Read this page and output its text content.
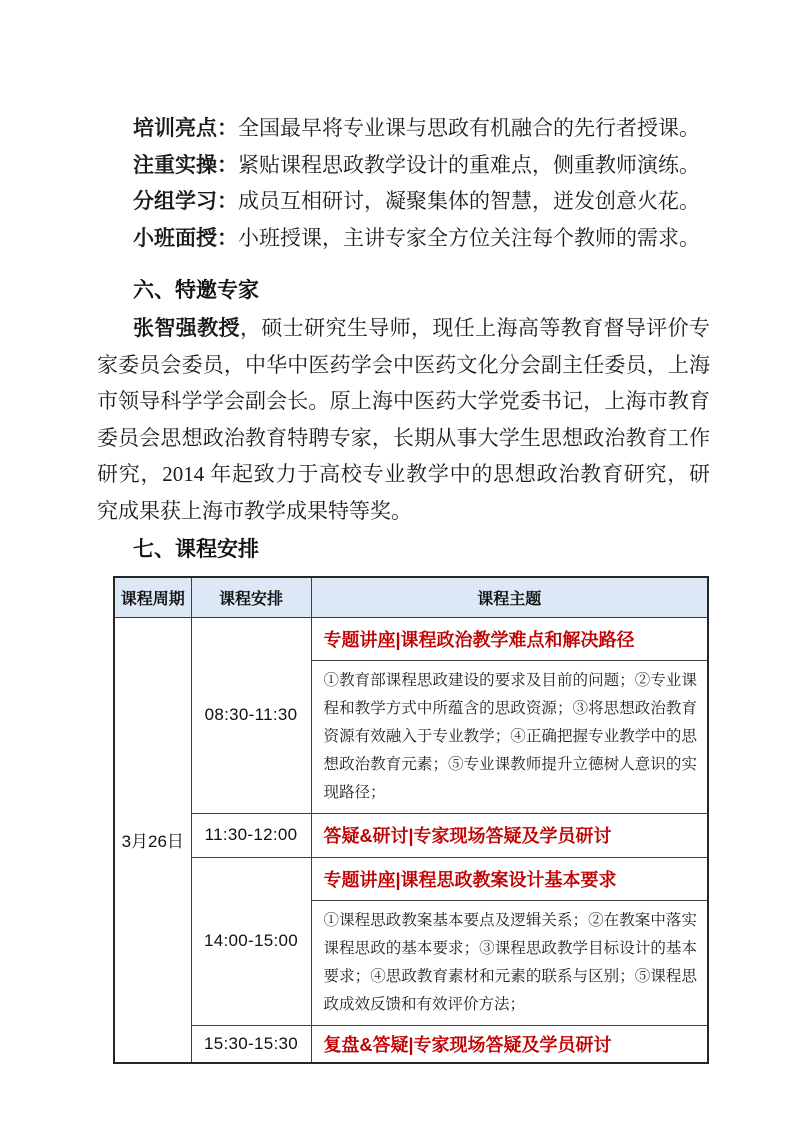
培训亮点：全国最早将专业课与思政有机融合的先行者授课。

注重实操：紧贴课程思政教学设计的重难点，侧重教师演练。

分组学习：成员互相研讨，凝聚集体的智慧，迸发创意火花。

小班面授：小班授课，主讲专家全方位关注每个教师的需求。

六、特邀专家

张智强教授，硕士研究生导师，现任上海高等教育督导评价专家委员会委员，中华中医药学会中医药文化分会副主任委员，上海市领导科学学会副会长。原上海中医药大学党委书记，上海市教育委员会思想政治教育特聘专家，长期从事大学生思想政治教育工作研究，2014 年起致力于高校专业教学中的思想政治教育研究，研究成果获上海市教学成果特等奖。

七、课程安排
课程周期	课程安排	课程主题
3月26日	08:30-11:30	专题讲座|课程政治教学难点和解决路径
		①教育部课程思政建设的要求及目前的问题；②专业课程和教学方式中所蕴含的思政资源；③将思想政治教育资源有效融入于专业教学；④正确把握专业教学中的思想政治教育元素；⑤专业课教师提升立德树人意识的实现路径；
	11:30-12:00	答疑&研讨|专家现场答疑及学员研讨
	14:00-15:00	专题讲座|课程思政教案设计基本要求
		①课程思政教案基本要点及逻辑关系；②在教案中落实课程思政的基本要求；③课程思政教学目标设计的基本要求；④思政教育素材和元素的联系与区别；⑤课程思政成效反馈和有效评价方法；
	15:30-15:30	复盘&答疑|专家现场答疑及学员研讨
